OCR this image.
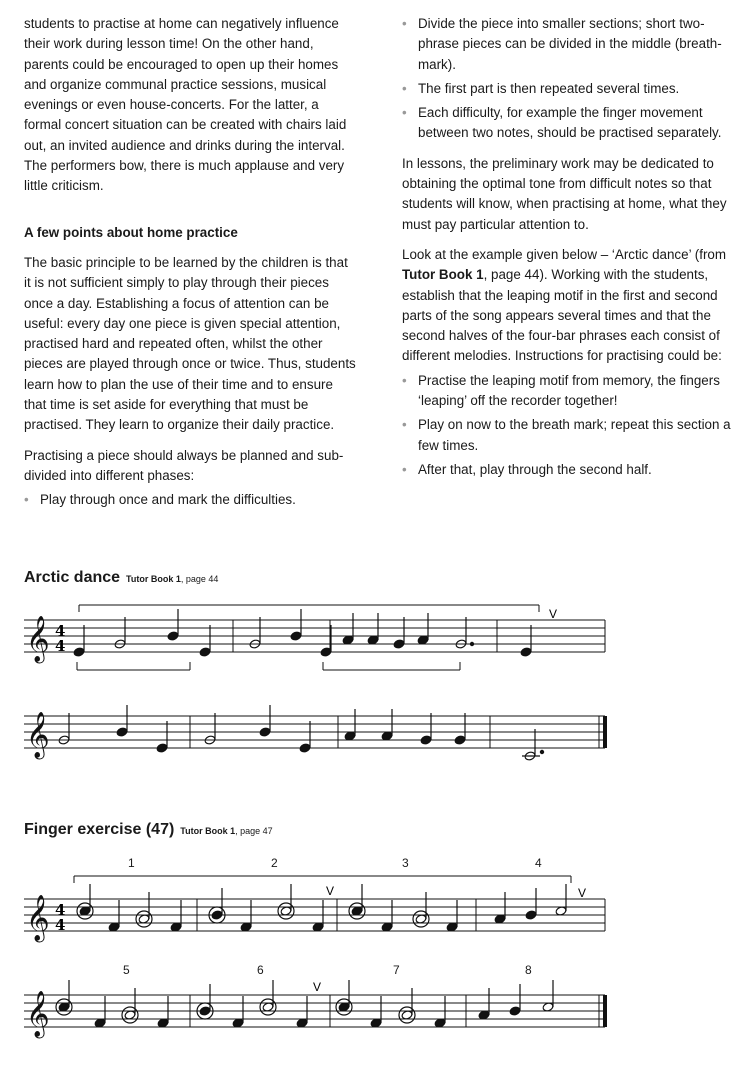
students to practise at home can negatively influence their work during lesson time! On the other hand, parents could be encouraged to open up their homes and organize communal practice sessions, musical evenings or even house-concerts. For the latter, a formal concert situation can be created with chairs laid out, an invited audience and drinks during the interval. The performers bow, there is much applause and very little criticism.

A few points about home practice

The basic principle to be learned by the children is that it is not sufficient simply to play through their pieces once a day. Establishing a focus of attention can be useful: every day one piece is given special attention, practised hard and repeated often, whilst the other pieces are played through once or twice. Thus, students learn how to plan the use of their time and to ensure that time is set aside for everything that must be practised. They learn to organize their daily practice.

Practising a piece should always be planned and sub-divided into different phases:

• Play through once and mark the difficulties.

• Divide the piece into smaller sections; short two-phrase pieces can be divided in the middle (breath-mark).

• The first part is then repeated several times.

• Each difficulty, for example the finger movement between two notes, should be practised separately.

In lessons, the preliminary work may be dedicated to obtaining the optimal tone from difficult notes so that students will know, when practising at home, what they must pay particular attention to.

Look at the example given below – ‘Arctic dance’ (from Tutor Book 1, page 44). Working with the students, establish that the leaping motif in the first and second parts of the song appears several times and that the second halves of the four-bar phrases each consist of different melodies. Instructions for practising could be:

• Practise the leaping motif from memory, the fingers ‘leaping’ off the recorder together!

• Play on now to the breath mark; repeat this section a few times.

• After that, play through the second half.

Arctic dance Tutor Book 1, page 44
𝄞
𝄞
4
4
V
Finger exercise (47) Tutor Book 1, page 47
1	2	3	4
5	6	7	8
𝄞
𝄞
4
4
V	V
V
